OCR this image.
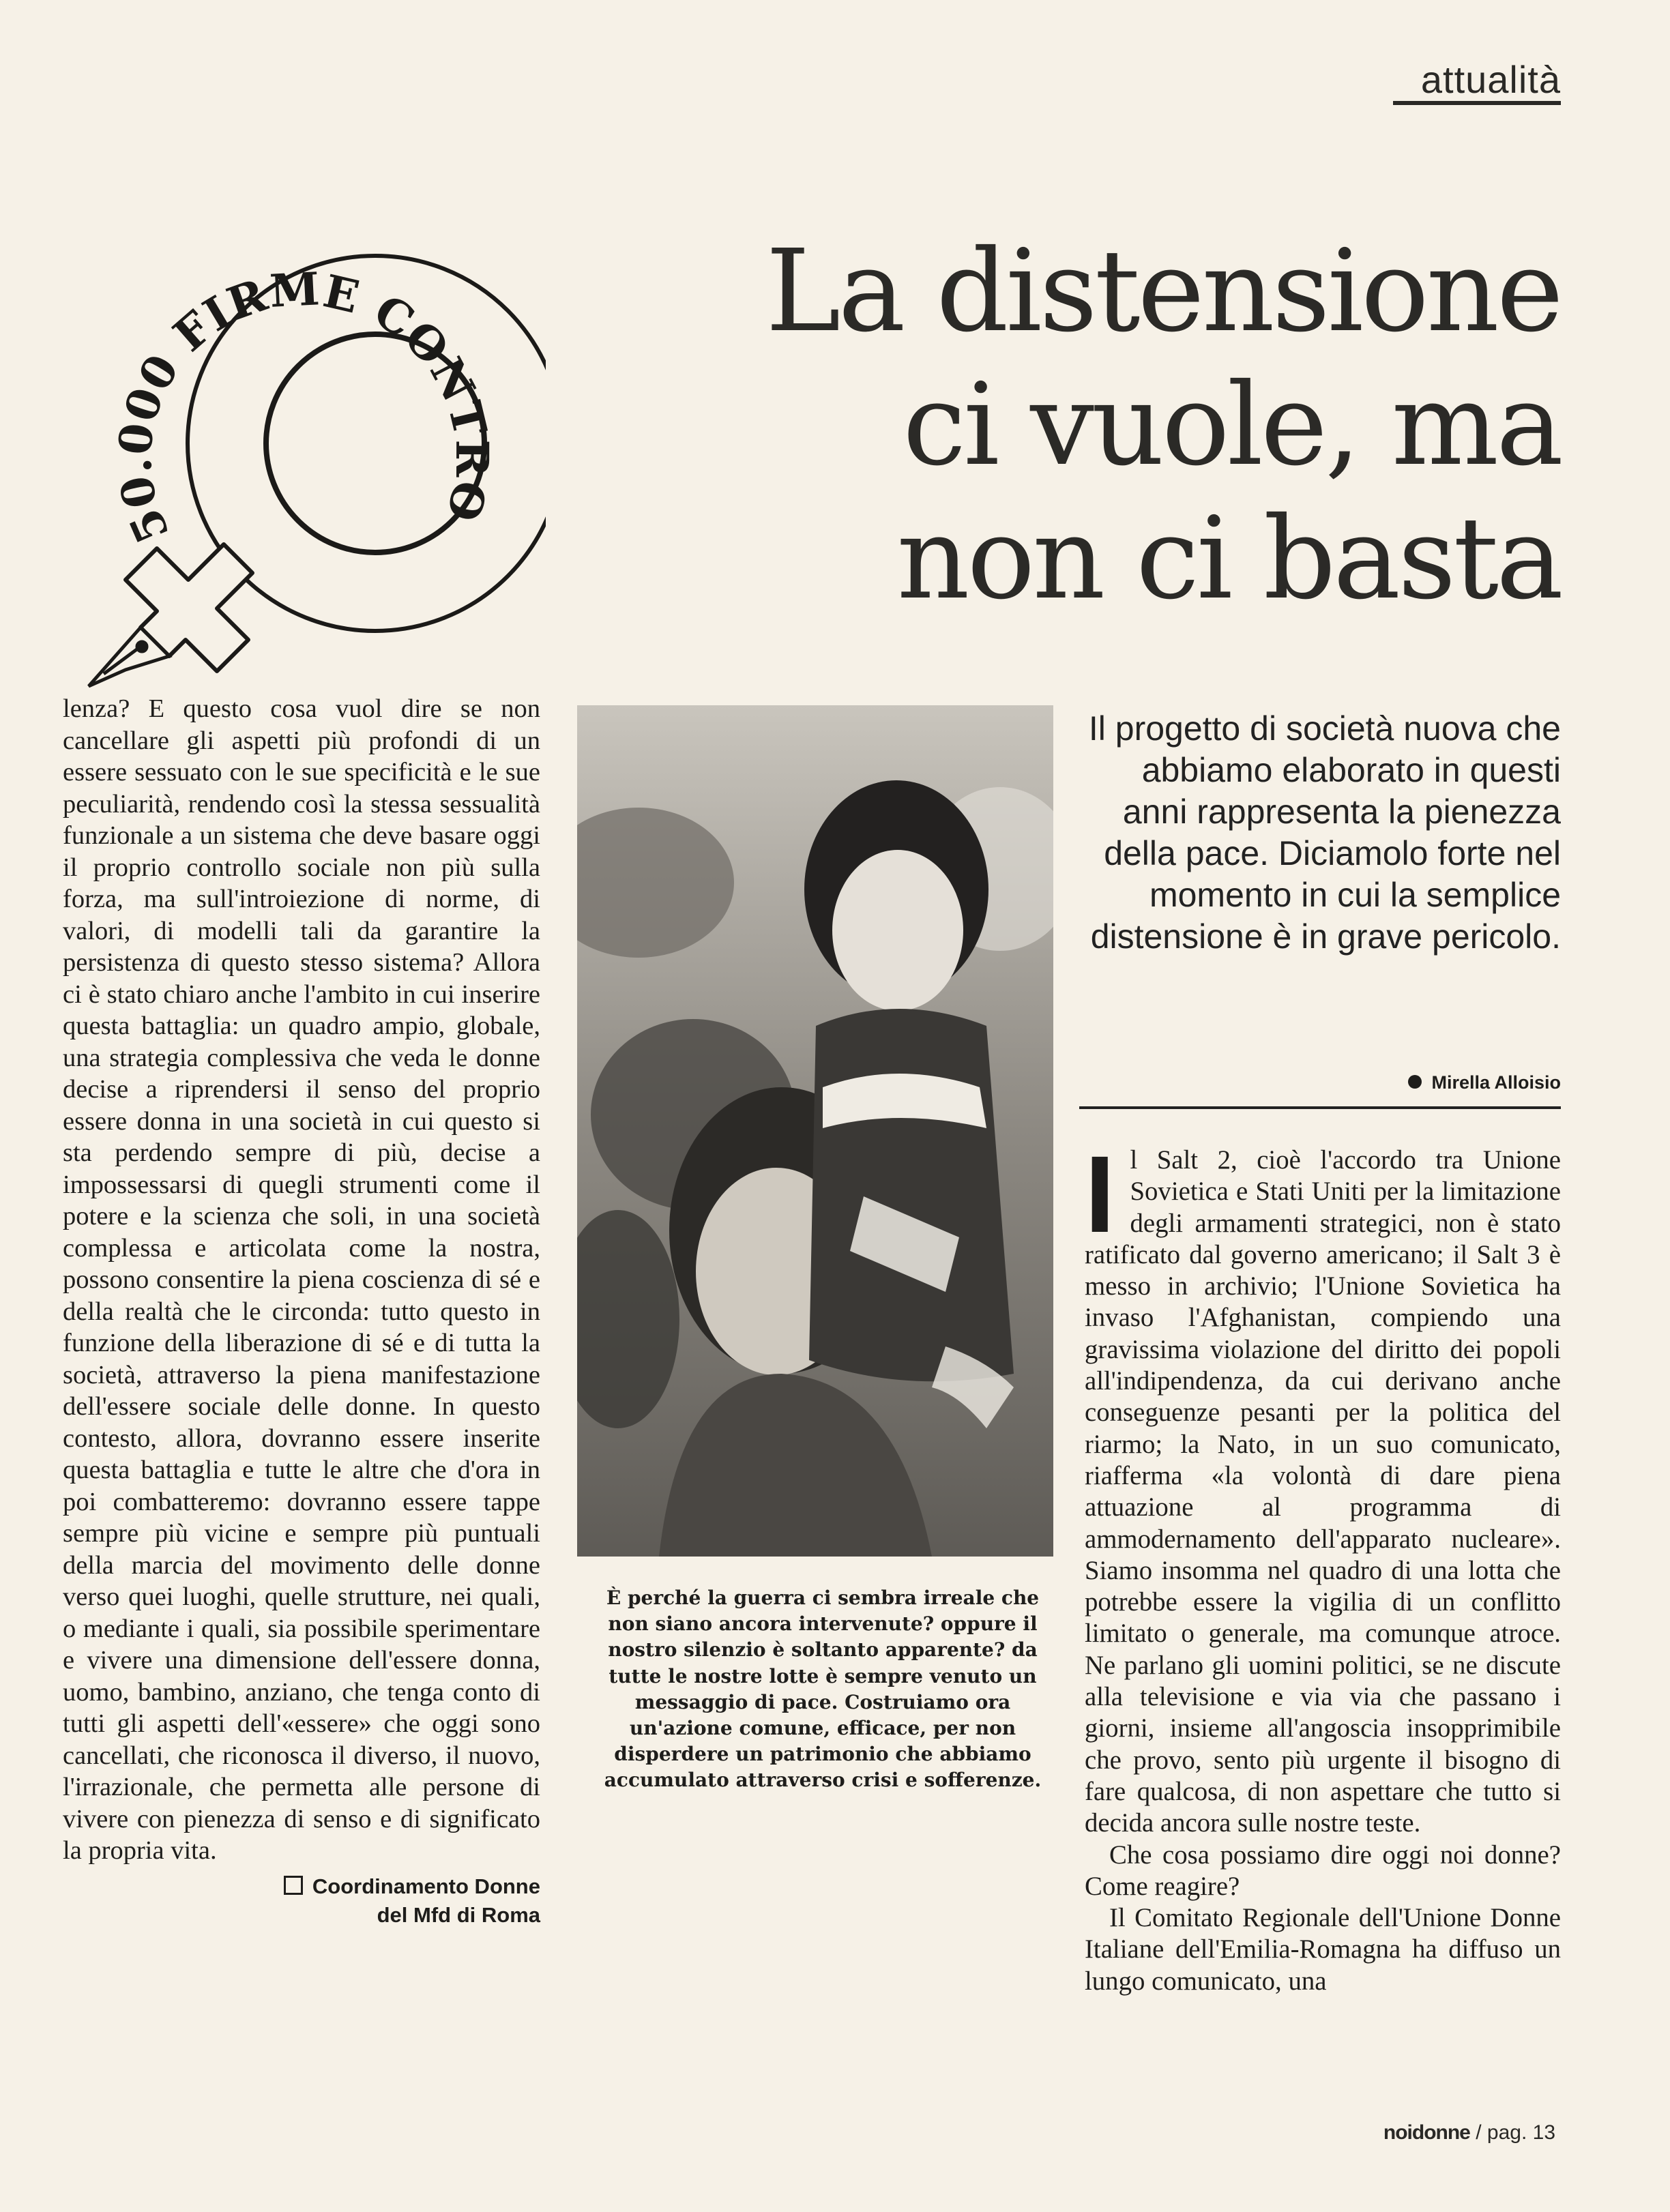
attualità
La distensione
ci vuole, ma
non ci basta
50.000 FIRME CONTRO
lenza? E questo cosa vuol dire se non cancellare gli aspetti più profondi di un essere sessuato con le sue specificità e le sue peculiarità, rendendo così la stessa sessualità funzionale a un sistema che deve basare oggi il proprio controllo sociale non più sulla forza, ma sull'introiezione di norme, di valori, di modelli tali da garantire la persistenza di questo stesso sistema? Allora ci è stato chiaro anche l'ambito in cui inserire questa battaglia: un quadro ampio, globale, una strategia complessiva che veda le donne decise a riprendersi il senso del proprio essere donna in una società in cui questo si sta perdendo sempre di più, decise a impossessarsi di quegli strumenti come il potere e la scienza che soli, in una società complessa e articolata come la nostra, possono consentire la piena coscienza di sé e della realtà che le circonda: tutto questo in funzione della liberazione di sé e di tutta la società, attraverso la piena manifestazione dell'essere sociale delle donne. In questo contesto, allora, dovranno essere inserite questa battaglia e tutte le altre che d'ora in poi combatteremo: dovranno essere tappe sempre più vicine e sempre più puntuali della marcia del movimento delle donne verso quei luoghi, quelle strutture, nei quali, o mediante i quali, sia possibile sperimentare e vivere una dimensione dell'essere donna, uomo, bambino, anziano, che tenga conto di tutti gli aspetti dell'«essere» che oggi sono cancellati, che riconosca il diverso, il nuovo, l'irrazionale, che permetta alle persone di vivere con pienezza di senso e di significato la propria vita.
Coordinamento Donne
del Mfd di Roma
È perché la guerra ci sembra irreale che non siano ancora intervenute? oppure il nostro silenzio è soltanto apparente? da tutte le nostre lotte è sempre venuto un messaggio di pace. Costruiamo ora un'azione comune, efficace, per non disperdere un patrimonio che abbiamo accumulato attraverso crisi e sofferenze.
Il progetto di società nuova che abbiamo elaborato in questi anni rappresenta la pienezza della pace. Diciamolo forte nel momento in cui la semplice distensione è in grave pericolo.
Mirella Alloisio

Il Salt 2, cioè l'accordo tra Unione Sovietica e Stati Uniti per la limitazione degli armamenti strategici, non è stato ratificato dal governo americano; il Salt 3 è messo in archivio; l'Unione Sovietica ha invaso l'Afghanistan, compiendo una gravissima violazione del diritto dei popoli all'indipendenza, da cui derivano anche conseguenze pesanti per la politica del riarmo; la Nato, in un suo comunicato, riafferma «la volontà di dare piena attuazione al programma di ammodernamento dell'apparato nucleare». Siamo insomma nel quadro di una lotta che potrebbe essere la vigilia di un conflitto limitato o generale, ma comunque atroce. Ne parlano gli uomini politici, se ne discute alla televisione e via via che passano i giorni, insieme all'angoscia insopprimibile che provo, sento più urgente il bisogno di fare qualcosa, di non aspettare che tutto si decida ancora sulle nostre teste.

Che cosa possiamo dire oggi noi donne? Come reagire?

Il Comitato Regionale dell'Unione Donne Italiane dell'Emilia-Romagna ha diffuso un lungo comunicato, una

noidonne / pag. 13
